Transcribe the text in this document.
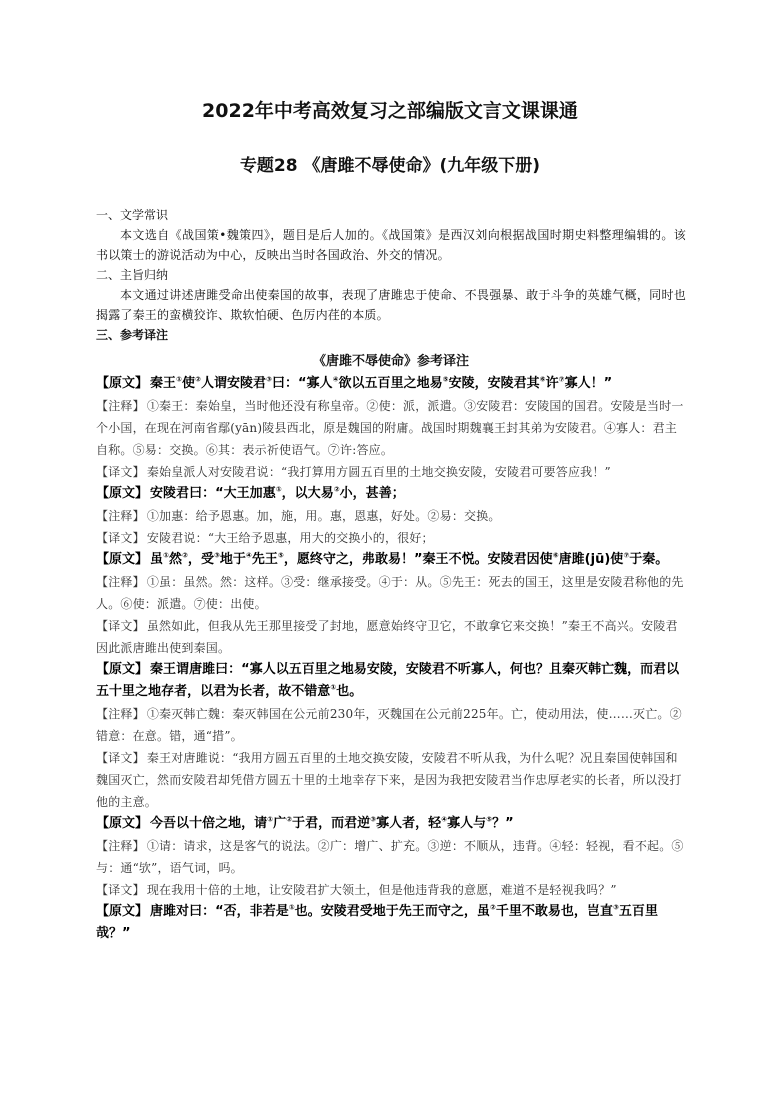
2022年中考高效复习之部编版文言文课课通
专题28 《唐雎不辱使命》(九年级下册)
一、文学常识
本文选自《战国策•魏策四》，题目是后人加的。《战国策》是西汉刘向根据战国时期史料整理编辑的。该书以策士的游说活动为中心，反映出当时各国政治、外交的情况。
二、主旨归纳
本文通过讲述唐雎受命出使秦国的故事，表现了唐雎忠于使命、不畏强暴、敢于斗争的英雄气概，同时也揭露了秦王的蛮横狡诈、欺软怕硬、色厉内荏的本质。
三、参考译注
《唐雎不辱使命》参考译注
【原文】 秦王①使②人谓安陵君③曰：“寡人④欲以五百里之地易⑤安陵，安陵君其⑥许⑦寡人！”
【注释】 ①秦王：秦始皇，当时他还没有称皇帝。②使：派，派遣。③安陵君：安陵国的国君。安陵是当时一个小国，在现在河南省鄢(yān)陵县西北，原是魏国的附庸。战国时期魏襄王封其弟为安陵君。④寡人：君主自称。⑤易：交换。⑥其：表示祈使语气。⑦许:答应。
【译文】 秦始皇派人对安陵君说：“我打算用方圆五百里的土地交换安陵，安陵君可要答应我！”
【原文】 安陵君曰：“大王加惠①，以大易②小，甚善；
【注释】 ①加惠：给予恩惠。加，施，用。惠，恩惠，好处。②易：交换。
【译文】 安陵君说：“大王给予恩惠，用大的交换小的，很好；
【原文】 虽①然②，受③地于④先王⑤，愿终守之，弗敢易！”秦王不悦。安陵君因使⑥唐雎(jū)使⑦于秦。
【注释】 ①虽：虽然。然：这样。③受：继承接受。④于：从。⑤先王：死去的国王，这里是安陵君称他的先人。⑥使：派遣。⑦使：出使。
【译文】 虽然如此，但我从先王那里接受了封地，愿意始终守卫它，不敢拿它来交换！”秦王不高兴。安陵君因此派唐雎出使到秦国。
【原文】 秦王谓唐雎曰：“寡人以五百里之地易安陵，安陵君不听寡人，何也？且秦灭韩亡魏，而君以五十里之地存者，以君为长者，故不错意①也。
【注释】 ①秦灭韩亡魏：秦灭韩国在公元前230年，灭魏国在公元前225年。亡，使动用法，使……灭亡。②错意：在意。错，通“措”。
【译文】 秦王对唐雎说：“我用方圆五百里的土地交换安陵，安陵君不听从我，为什么呢？况且秦国使韩国和魏国灭亡，然而安陵君却凭借方圆五十里的土地幸存下来，是因为我把安陵君当作忠厚老实的长者，所以没打他的主意。
【原文】 今吾以十倍之地，请①广②于君，而君逆③寡人者，轻④寡人与⑤？”
【注释】 ①请：请求，这是客气的说法。②广：增广、扩充。③逆：不顺从，违背。④轻：轻视，看不起。⑤与：通“欤”，语气词，吗。
【译文】 现在我用十倍的土地，让安陵君扩大领土，但是他违背我的意愿，难道不是轻视我吗？”
【原文】 唐雎对曰：“否，非若是①也。安陵君受地于先王而守之，虽②千里不敢易也，岂直③五百里哉？”
